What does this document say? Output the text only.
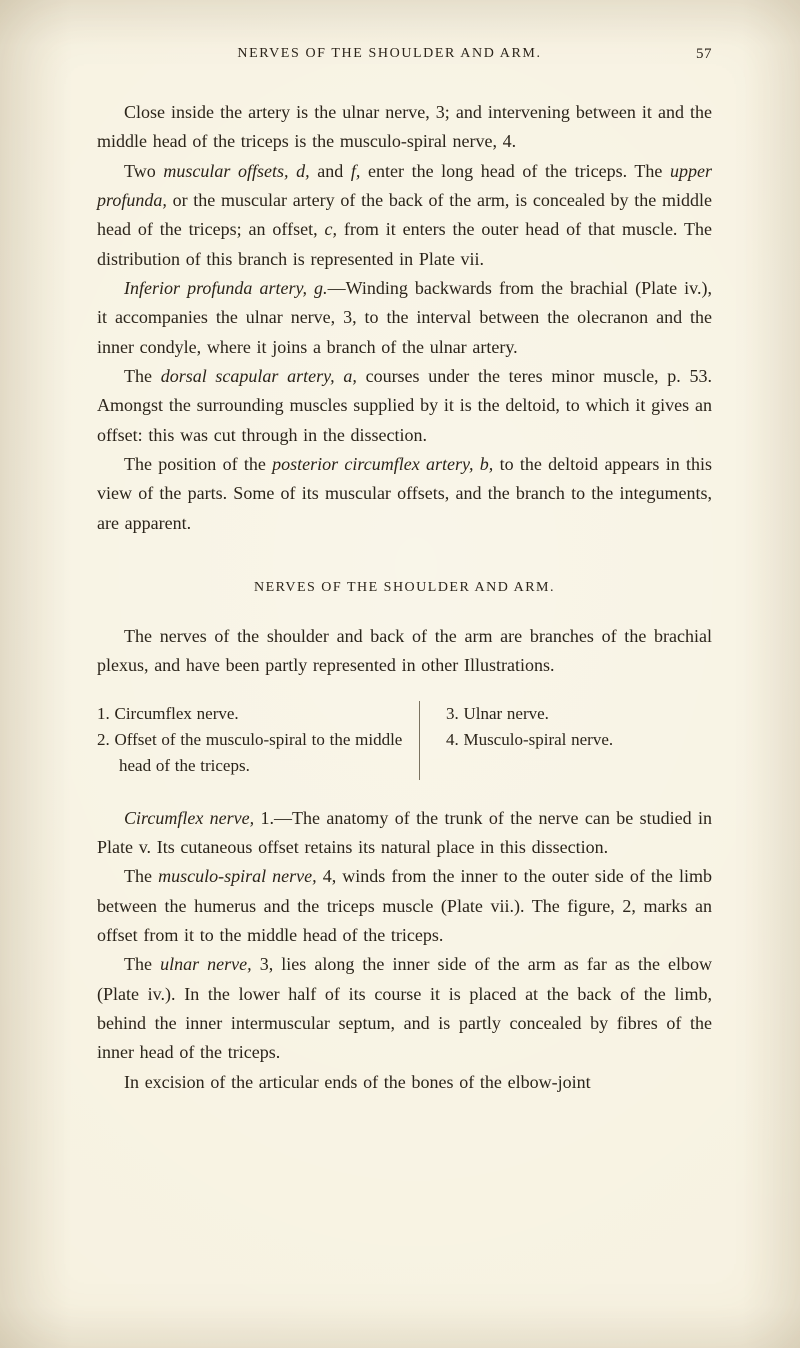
NERVES OF THE SHOULDER AND ARM.	57

Close inside the artery is the ulnar nerve, 3; and intervening between it and the middle head of the triceps is the musculo-spiral nerve, 4.

Two muscular offsets, d, and f, enter the long head of the triceps. The upper profunda, or the muscular artery of the back of the arm, is concealed by the middle head of the triceps; an offset, c, from it enters the outer head of that muscle. The distribution of this branch is represented in Plate vii.

Inferior profunda artery, g.—Winding backwards from the brachial (Plate iv.), it accompanies the ulnar nerve, 3, to the interval between the olecranon and the inner condyle, where it joins a branch of the ulnar artery.

The dorsal scapular artery, a, courses under the teres minor muscle, p. 53. Amongst the surrounding muscles supplied by it is the deltoid, to which it gives an offset: this was cut through in the dissection.

The position of the posterior circumflex artery, b, to the deltoid appears in this view of the parts. Some of its muscular offsets, and the branch to the integuments, are apparent.

NERVES OF THE SHOULDER AND ARM.

The nerves of the shoulder and back of the arm are branches of the brachial plexus, and have been partly represented in other Illustrations.

1. Circumflex nerve.

2. Offset of the musculo-spiral to the middle head of the triceps.

3. Ulnar nerve.

4. Musculo-spiral nerve.

Circumflex nerve, 1.—The anatomy of the trunk of the nerve can be studied in Plate v. Its cutaneous offset retains its natural place in this dissection.

The musculo-spiral nerve, 4, winds from the inner to the outer side of the limb between the humerus and the triceps muscle (Plate vii.). The figure, 2, marks an offset from it to the middle head of the triceps.

The ulnar nerve, 3, lies along the inner side of the arm as far as the elbow (Plate iv.). In the lower half of its course it is placed at the back of the limb, behind the inner intermuscular septum, and is partly concealed by fibres of the inner head of the triceps.

In excision of the articular ends of the bones of the elbow-joint
